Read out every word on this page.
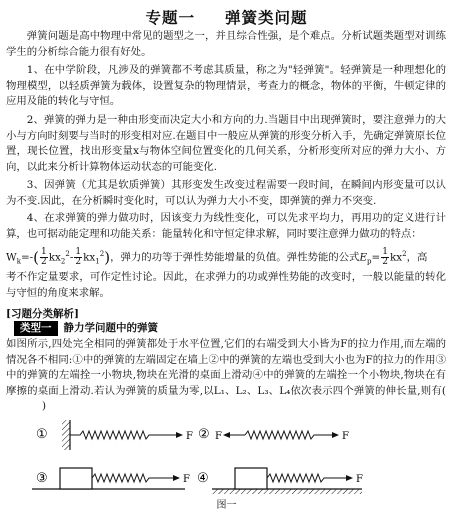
专题一 弹簧类问题

弹簧问题是高中物理中常见的题型之一，并且综合性强，是个难点。分析试题类题型对训练学生的分析综合能力很有好处。

1、在中学阶段，凡涉及的弹簧都不考虑其质量，称之为"轻弹簧"。轻弹簧是一种理想化的物理模型，以轻质弹簧为载体，设置复杂的物理情景，考查力的概念，物体的平衡，牛顿定律的应用及能的转化与守恒。

2、弹簧的弹力是一种由形变而决定大小和方向的力.当题目中出现弹簧时，要注意弹力的大小与方向时刻要与当时的形变相对应.在题目中一般应从弹簧的形变分析入手，先确定弹簧原长位置，现长位置，找出形变量x与物体空间位置变化的几何关系，分析形变所对应的弹力大小、方向，以此来分析计算物体运动状态的可能变化.

3、因弹簧（尤其是软质弹簧）其形变发生改变过程需要一段时间，在瞬间内形变量可以认为不变.因此，在分析瞬时变化时，可以认为弹力大小不变，即弹簧的弹力不突变.

4、在求弹簧的弹力做功时，因该变力为线性变化，可以先求平均力，再用功的定义进行计算，也可据动能定理和功能关系：能量转化和守恒定律求解，同时要注意弹力做功的特点：

$W_k=-( \frac{1}{2} kx_2^2- \frac{1}{2} kx_1^2)$，弹力的功等于弹性势能增量的负值。弹性势能的公式$E_p= \frac{1}{2} kx^2$，高

考不作定量要求，可作定性讨论。因此，在求弹力的功或弹性势能的改变时，一般以能量的转化与守恒的角度来求解。

[习题分类解析]
类型一 静力学问题中的弹簧

如图所示,四处完全相同的弹簧都处于水平位置,它们的右端受到大小皆为F的拉力作用,而左端的情况各不相同:①中的弹簧的左端固定在墙上②中的弹簧的左端也受到大小也为F的拉力的作用③中的弹簧的左端拴一小物块,物块在光滑的桌面上滑动④中的弹簧的左端拴一个小物块,物块在有摩擦的桌面上滑动.若认为弹簧的质量为零,以L₁、L₂、L₃、L₄依次表示四个弹簧的伸长量,则有()

①	F ② F	F
③	F ④	F
图一
